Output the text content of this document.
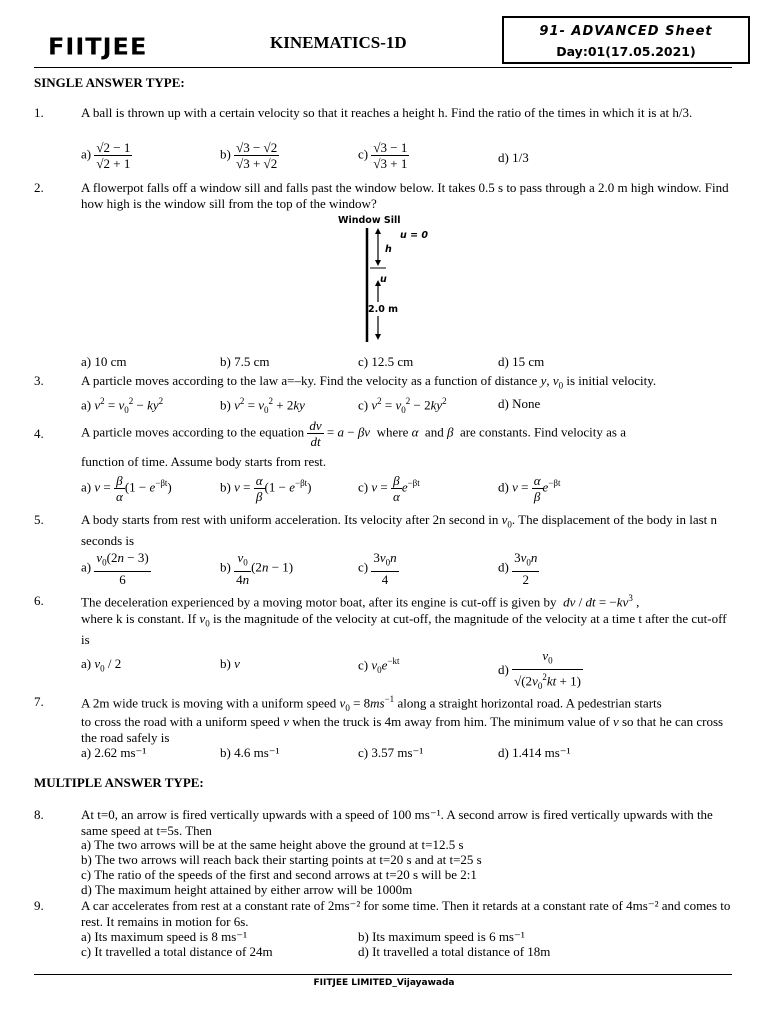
FIITJEE	KINEMATICS-1D
91- ADVANCED Sheet
Day:01(17.05.2021)
SINGLE ANSWER TYPE:
1.	A ball is thrown up with a certain velocity so that it reaches a height h. Find the ratio of the times in which it is at h/3.
$a) \frac{√2 - 1}{√2 + 1}$	$b) \frac{√3 - √2}{√3 + √2}$	$c) \frac{√3 - 1}{√3 + 1}$	d) 1/3
2.	A flowerpot falls off a window sill and falls past the window below. It takes 0.5 s to pass through a 2.0 m high window. Find how high is the window sill from the top of the window?
Window Sill
h
u = 0
u
2.0 m
a) 10 cm	b) 7.5 cm	c) 12.5 cm	d) 15 cm
3.	A particle moves according to the law a=–ky. Find the velocity as a function of distance y, $v_0$ is initial velocity.
a) $v^2 = v_0^2 - ky^2$	b) $v^2 = v_0^2 + 2ky$	c) $v^2 = v_0^2 - 2ky^2$	d) None
4.	A particle moves according to the equation $\frac{dv}{dt} = a - \beta v$ where α and β are constants. Find velocity as a
function of time. Assume body starts from rest.
a) $v = \frac{\beta}{\alpha} (1 - e^{-\beta t})$	b) $v = \frac{\alpha}{\beta} (1 - e^{-\beta t})$	c) $v = \frac{\beta}{\alpha} e^{-\beta t}$	d) $v = \frac{\alpha}{\beta} e^{-\beta t}$
5.	A body starts from rest with uniform acceleration. Its velocity after 2n second in $v_0$. The displacement of the body in last n seconds is
$a) \frac{v_0(2n - 3)}{6}$	$b) \frac{v_0}{4n} (2n - 1)$	$c) \frac{3v_0n}{4}$	$d) \frac{3v_0n}{2}$
6.	The deceleration experienced by a moving motor boat, after its engine is cut-off is given by dv / dt = $-kv^3$ ,
where k is constant. If $v_0$ is the magnitude of the velocity at cut-off, the magnitude of the velocity at a time t after the cut-off is
a) $v_0 / 2$	b) v	c) $v_0e^{-kt}$
$d) \frac{v_0}{√(2v_0^2kt + 1)}$
7.	A 2m wide truck is moving with a uniform speed $v_0 = 8ms^{-1}$ along a straight horizontal road. A pedestrian starts
to cross the road with a uniform speed v when the truck is 4m away from him. The minimum value of v so that he can cross the road safely is
a) 2.62 ms⁻¹	b) 4.6 ms⁻¹	c) 3.57 ms⁻¹	d) 1.414 ms⁻¹
MULTIPLE ANSWER TYPE:
8.	At t=0, an arrow is fired vertically upwards with a speed of 100 ms⁻¹. A second arrow is fired vertically upwards with the same speed at t=5s. Then
a) The two arrows will be at the same height above the ground at t=12.5 s
b) The two arrows will reach back their starting points at t=20 s and at t=25 s
c) The ratio of the speeds of the first and second arrows at t=20 s will be 2:1
d) The maximum height attained by either arrow will be 1000m
9.	A car accelerates from rest at a constant rate of 2ms⁻² for some time. Then it retards at a constant rate of 4ms⁻² and comes to rest. It remains in motion for 6s.
a) Its maximum speed is 8 ms⁻¹	b) Its maximum speed is 6 ms⁻¹
c) It travelled a total distance of 24m	d) It travelled a total distance of 18m
FIITJEE LIMITED_Vijayawada
